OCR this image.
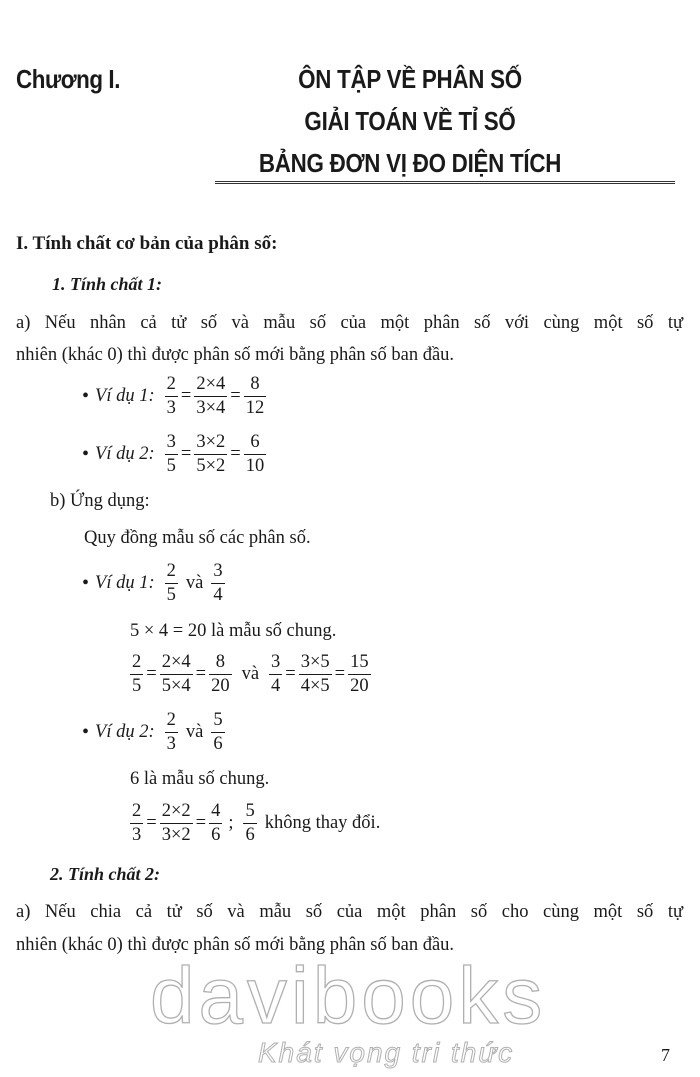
Chương I.	ÔN TẬP VỀ PHÂN SỐ
GIẢI TOÁN VỀ TỈ SỐ
BẢNG ĐƠN VỊ ĐO DIỆN TÍCH
I. Tính chất cơ bản của phân số:
1. Tính chất 1:
a) Nếu nhân cả tử số và mẫu số của một phân số với cùng một số tự
nhiên (khác 0) thì được phân số mới bằng phân số ban đầu.
• Ví dụ 1: $\frac{2}{3} = \frac{2\times 4}{3\times 4} = \frac{8}{12}$
• Ví dụ 2: $\frac{3}{5} = \frac{3\times 2}{5\times 2} = \frac{6}{10}$
b) Ứng dụng:
Quy đồng mẫu số các phân số.
• Ví dụ 1: $\frac{2}{5}$ và $\frac{3}{4}$
5 × 4 = 20 là mẫu số chung.
$\frac{2}{5} = \frac{2\times 4}{5\times 4} = \frac{8}{20}$ và $\frac{3}{4} = \frac{3\times 5}{4\times 5} = \frac{15}{20}$
• Ví dụ 2: $\frac{2}{3}$ và $\frac{5}{6}$
6 là mẫu số chung.
$\frac{2}{3} = \frac{2\times 2}{3\times 2} = \frac{4}{6}$ ; $\frac{5}{6}$ không thay đổi.
2. Tính chất 2:
a) Nếu chia cả tử số và mẫu số của một phân số cho cùng một số tự
nhiên (khác 0) thì được phân số mới bằng phân số ban đầu.
davibooks
Khát vọng tri thức	7
